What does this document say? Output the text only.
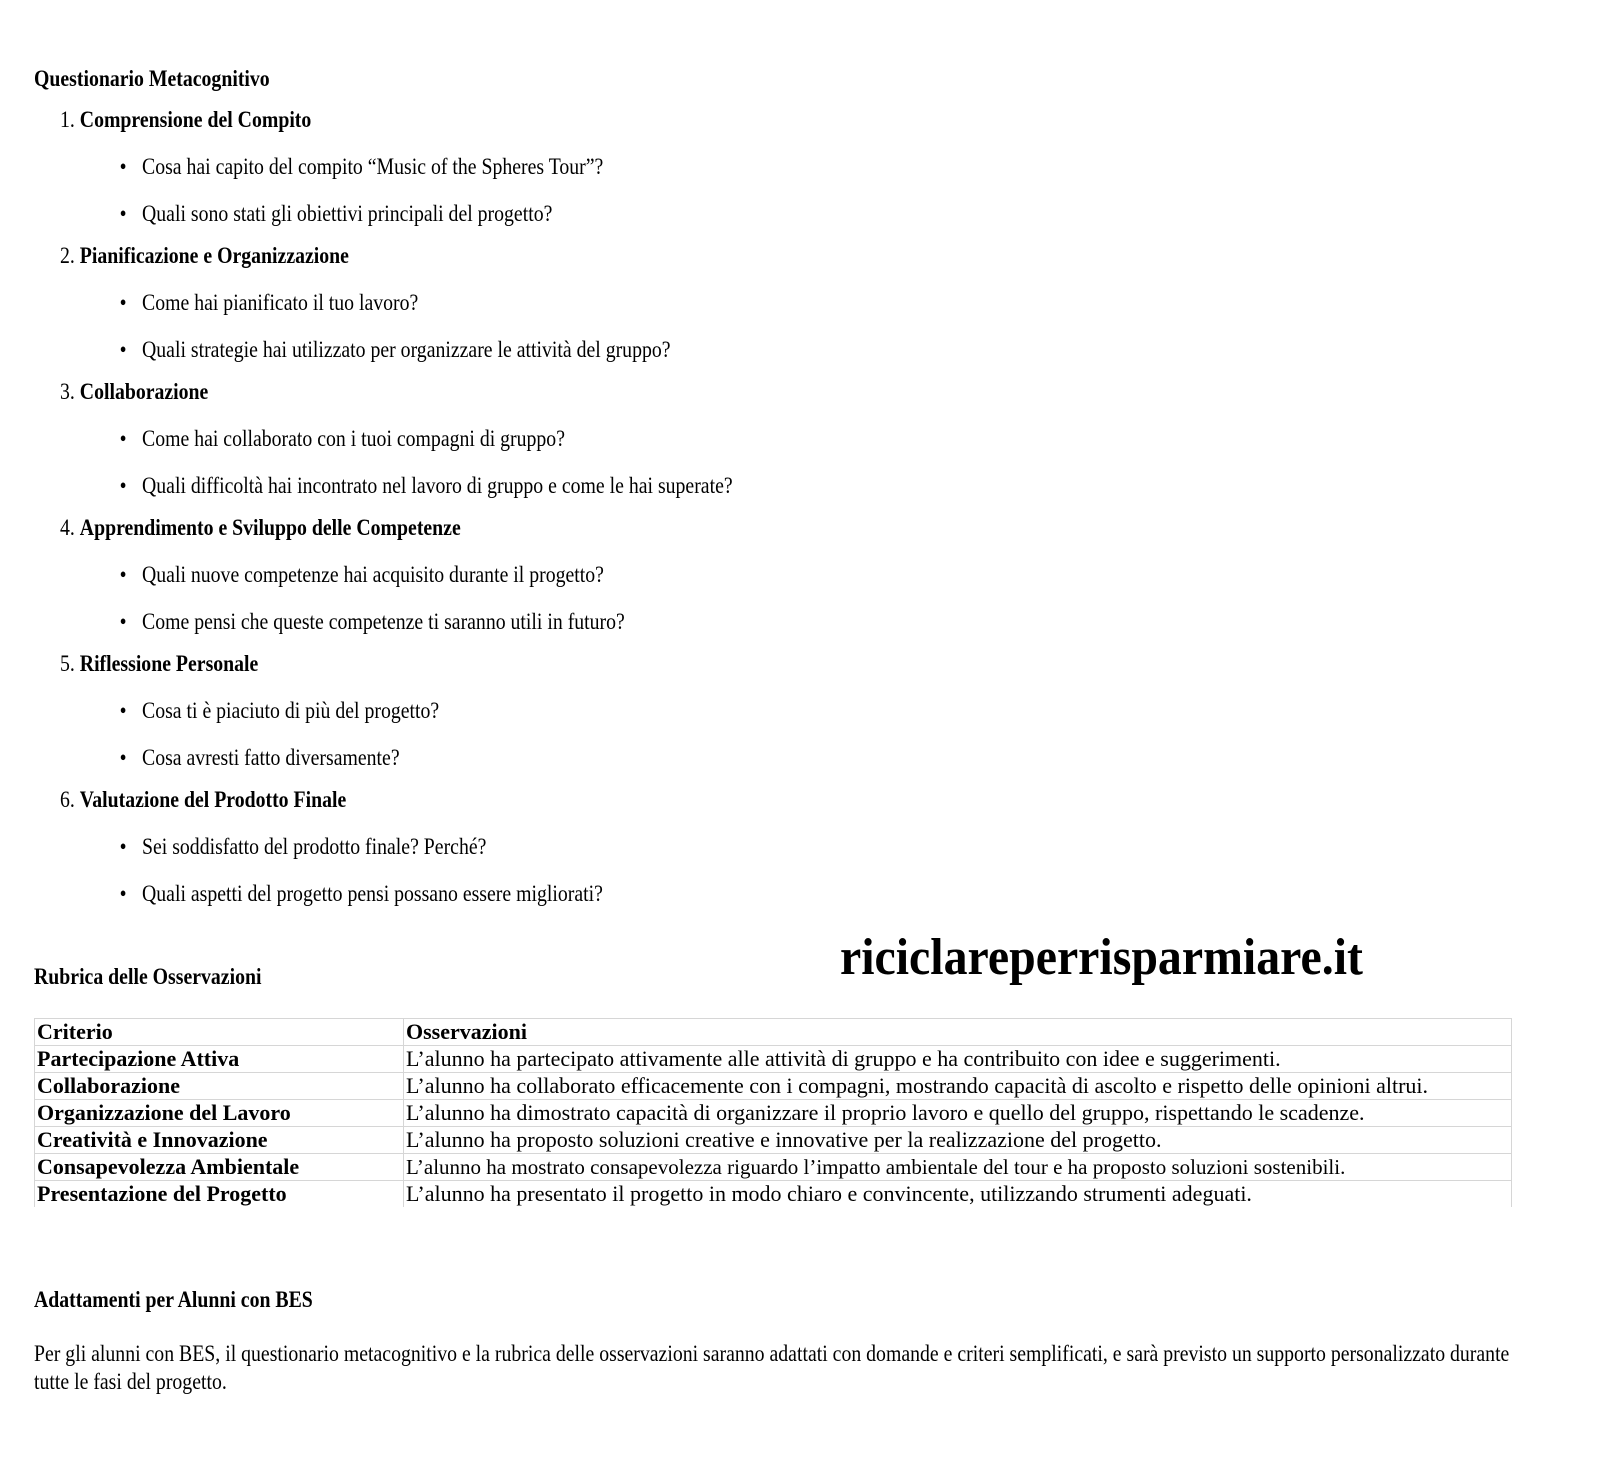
Questionario Metacognitivo
1. Comprensione del Compito
• Cosa hai capito del compito “Music of the Spheres Tour”?
• Quali sono stati gli obiettivi principali del progetto?
2. Pianificazione e Organizzazione
• Come hai pianificato il tuo lavoro?
• Quali strategie hai utilizzato per organizzare le attività del gruppo?
3. Collaborazione
• Come hai collaborato con i tuoi compagni di gruppo?
• Quali difficoltà hai incontrato nel lavoro di gruppo e come le hai superate?
4. Apprendimento e Sviluppo delle Competenze
• Quali nuove competenze hai acquisito durante il progetto?
• Come pensi che queste competenze ti saranno utili in futuro?
5. Riflessione Personale
• Cosa ti è piaciuto di più del progetto?
• Cosa avresti fatto diversamente?
6. Valutazione del Prodotto Finale
• Sei soddisfatto del prodotto finale? Perché?
• Quali aspetti del progetto pensi possano essere migliorati?
riciclareperrisparmiare.it
Rubrica delle Osservazioni
Criterio	Osservazioni
Partecipazione Attiva	L’alunno ha partecipato attivamente alle attività di gruppo e ha contribuito con idee e suggerimenti.
Collaborazione	L’alunno ha collaborato efficacemente con i compagni, mostrando capacità di ascolto e rispetto delle opinioni altrui.
Organizzazione del Lavoro	L’alunno ha dimostrato capacità di organizzare il proprio lavoro e quello del gruppo, rispettando le scadenze.
Creatività e Innovazione	L’alunno ha proposto soluzioni creative e innovative per la realizzazione del progetto.
Consapevolezza Ambientale	L’alunno ha mostrato consapevolezza riguardo l’impatto ambientale del tour e ha proposto soluzioni sostenibili.
Presentazione del Progetto	L’alunno ha presentato il progetto in modo chiaro e convincente, utilizzando strumenti adeguati.
Adattamenti per Alunni con BES
Per gli alunni con BES, il questionario metacognitivo e la rubrica delle osservazioni saranno adattati con domande e criteri semplificati, e sarà previsto un supporto personalizzato durante tutte le fasi del progetto.
